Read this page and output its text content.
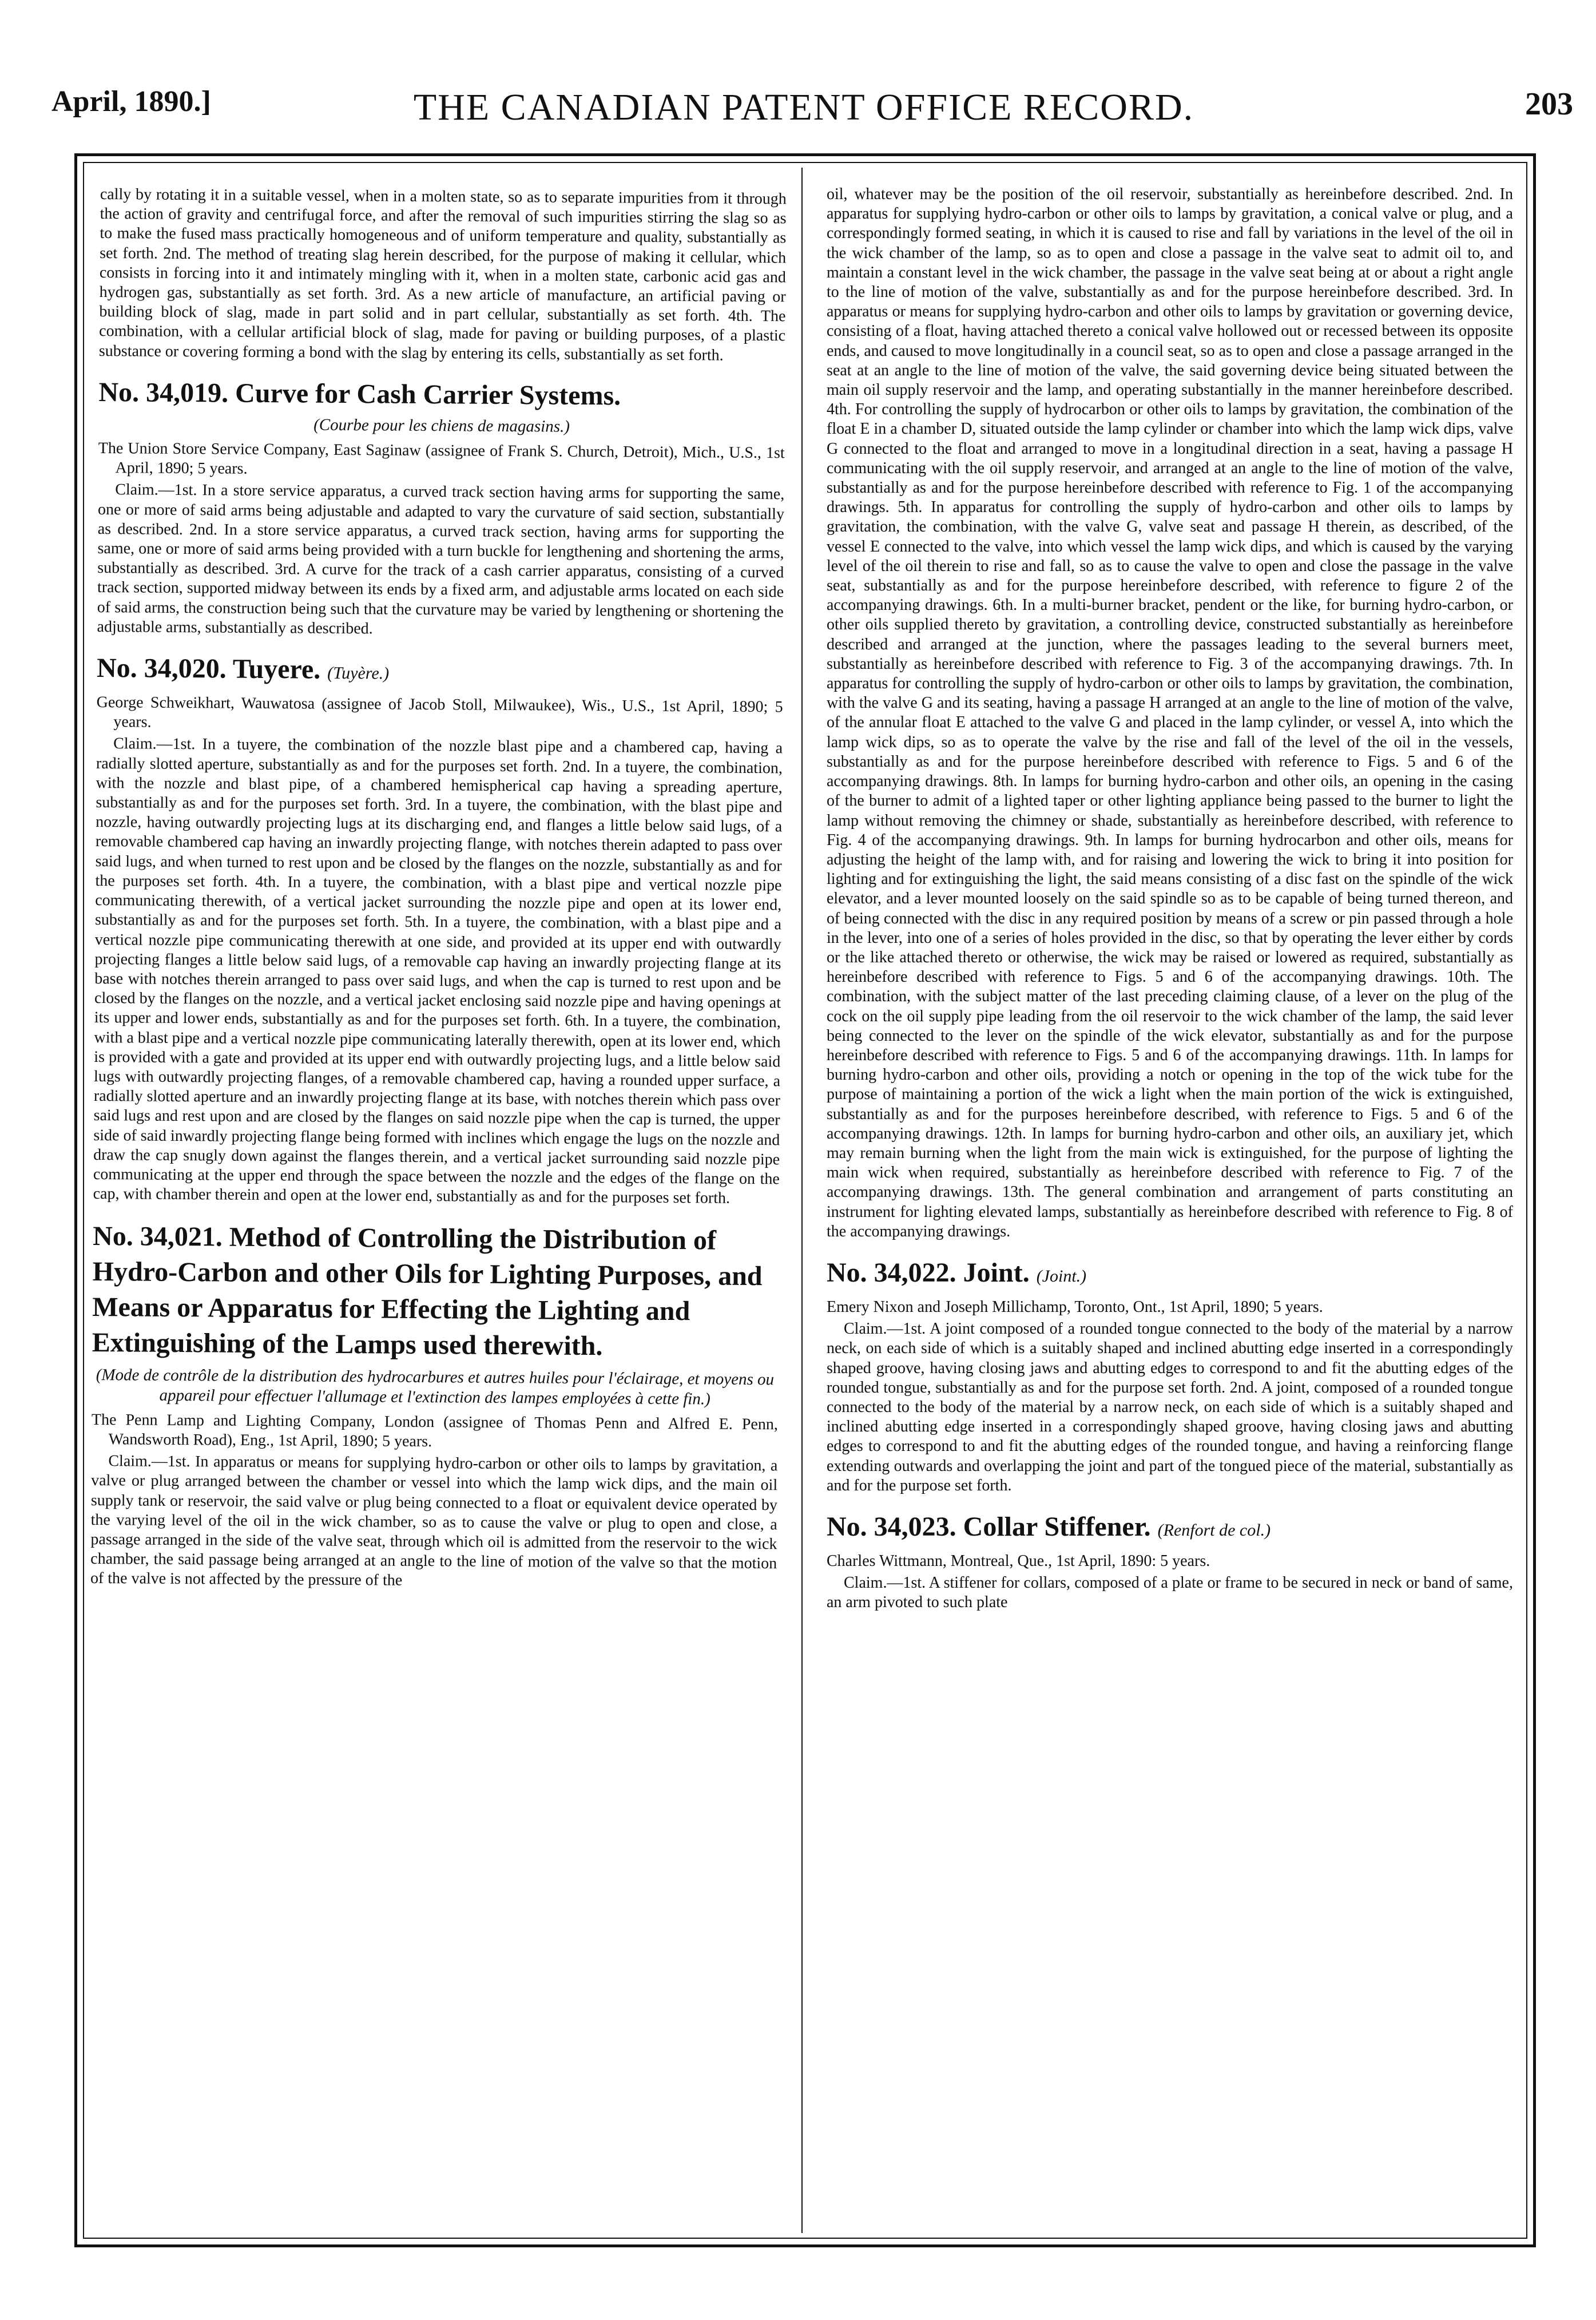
April, 1890.]	THE CANADIAN PATENT OFFICE RECORD.	203

cally by rotating it in a suitable vessel, when in a molten state, so as to separate impurities from it through the action of gravity and centrifugal force, and after the removal of such impurities stirring the slag so as to make the fused mass practically homogeneous and of uniform temperature and quality, substantially as set forth. 2nd. The method of treating slag herein described, for the purpose of making it cellular, which consists in forcing into it and intimately mingling with it, when in a molten state, carbonic acid gas and hydrogen gas, substantially as set forth. 3rd. As a new article of manufacture, an artificial paving or building block of slag, made in part solid and in part cellular, substantially as set forth. 4th. The combination, with a cellular artificial block of slag, made for paving or building purposes, of a plastic substance or covering forming a bond with the slag by entering its cells, substantially as set forth.

No. 34,019. Curve for Cash Carrier Systems.

(Courbe pour les chiens de magasins.)

The Union Store Service Company, East Saginaw (assignee of Frank S. Church, Detroit), Mich., U.S., 1st April, 1890; 5 years.

Claim.—1st. In a store service apparatus, a curved track section having arms for supporting the same, one or more of said arms being adjustable and adapted to vary the curvature of said section, substantially as described. 2nd. In a store service apparatus, a curved track section, having arms for supporting the same, one or more of said arms being provided with a turn buckle for lengthening and shortening the arms, substantially as described. 3rd. A curve for the track of a cash carrier apparatus, consisting of a curved track section, supported midway between its ends by a fixed arm, and adjustable arms located on each side of said arms, the construction being such that the curvature may be varied by lengthening or shortening the adjustable arms, substantially as described.

No. 34,020. Tuyere. (Tuyère.)

George Schweikhart, Wauwatosa (assignee of Jacob Stoll, Milwaukee), Wis., U.S., 1st April, 1890; 5 years.

Claim.—1st. In a tuyere, the combination of the nozzle blast pipe and a chambered cap, having a radially slotted aperture, substantially as and for the purposes set forth. 2nd. In a tuyere, the combination, with the nozzle and blast pipe, of a chambered hemispherical cap having a spreading aperture, substantially as and for the purposes set forth. 3rd. In a tuyere, the combination, with the blast pipe and nozzle, having outwardly projecting lugs at its discharging end, and flanges a little below said lugs, of a removable chambered cap having an inwardly projecting flange, with notches therein adapted to pass over said lugs, and when turned to rest upon and be closed by the flanges on the nozzle, substantially as and for the purposes set forth. 4th. In a tuyere, the combination, with a blast pipe and vertical nozzle pipe communicating therewith, of a vertical jacket surrounding the nozzle pipe and open at its lower end, substantially as and for the purposes set forth. 5th. In a tuyere, the combination, with a blast pipe and a vertical nozzle pipe communicating therewith at one side, and provided at its upper end with outwardly projecting flanges a little below said lugs, of a removable cap having an inwardly projecting flange at its base with notches therein arranged to pass over said lugs, and when the cap is turned to rest upon and be closed by the flanges on the nozzle, and a vertical jacket enclosing said nozzle pipe and having openings at its upper and lower ends, substantially as and for the purposes set forth. 6th. In a tuyere, the combination, with a blast pipe and a vertical nozzle pipe communicating laterally therewith, open at its lower end, which is provided with a gate and provided at its upper end with outwardly projecting lugs, and a little below said lugs with outwardly projecting flanges, of a removable chambered cap, having a rounded upper surface, a radially slotted aperture and an inwardly projecting flange at its base, with notches therein which pass over said lugs and rest upon and are closed by the flanges on said nozzle pipe when the cap is turned, the upper side of said inwardly projecting flange being formed with inclines which engage the lugs on the nozzle and draw the cap snugly down against the flanges therein, and a vertical jacket surrounding said nozzle pipe communicating at the upper end through the space between the nozzle and the edges of the flange on the cap, with chamber therein and open at the lower end, substantially as and for the purposes set forth.

No. 34,021. Method of Controlling the Distribution of Hydro-Carbon and other Oils for Lighting Purposes, and Means or Apparatus for Effecting the Lighting and Extinguishing of the Lamps used therewith.

(Mode de contrôle de la distribution des hydrocarbures et autres huiles pour l'éclairage, et moyens ou appareil pour effectuer l'allumage et l'extinction des lampes employées à cette fin.)

The Penn Lamp and Lighting Company, London (assignee of Thomas Penn and Alfred E. Penn, Wandsworth Road), Eng., 1st April, 1890; 5 years.

Claim.—1st. In apparatus or means for supplying hydro-carbon or other oils to lamps by gravitation, a valve or plug arranged between the chamber or vessel into which the lamp wick dips, and the main oil supply tank or reservoir, the said valve or plug being connected to a float or equivalent device operated by the varying level of the oil in the wick chamber, so as to cause the valve or plug to open and close, a passage arranged in the side of the valve seat, through which oil is admitted from the reservoir to the wick chamber, the said passage being arranged at an angle to the line of motion of the valve so that the motion of the valve is not affected by the pressure of the

oil, whatever may be the position of the oil reservoir, substantially as hereinbefore described. 2nd. In apparatus for supplying hydro-carbon or other oils to lamps by gravitation, a conical valve or plug, and a correspondingly formed seating, in which it is caused to rise and fall by variations in the level of the oil in the wick chamber of the lamp, so as to open and close a passage in the valve seat to admit oil to, and maintain a constant level in the wick chamber, the passage in the valve seat being at or about a right angle to the line of motion of the valve, substantially as and for the purpose hereinbefore described. 3rd. In apparatus or means for supplying hydro-carbon and other oils to lamps by gravitation or governing device, consisting of a float, having attached thereto a conical valve hollowed out or recessed between its opposite ends, and caused to move longitudinally in a council seat, so as to open and close a passage arranged in the seat at an angle to the line of motion of the valve, the said governing device being situated between the main oil supply reservoir and the lamp, and operating substantially in the manner hereinbefore described. 4th. For controlling the supply of hydrocarbon or other oils to lamps by gravitation, the combination of the float E in a chamber D, situated outside the lamp cylinder or chamber into which the lamp wick dips, valve G connected to the float and arranged to move in a longitudinal direction in a seat, having a passage H communicating with the oil supply reservoir, and arranged at an angle to the line of motion of the valve, substantially as and for the purpose hereinbefore described with reference to Fig. 1 of the accompanying drawings. 5th. In apparatus for controlling the supply of hydro-carbon and other oils to lamps by gravitation, the combination, with the valve G, valve seat and passage H therein, as described, of the vessel E connected to the valve, into which vessel the lamp wick dips, and which is caused by the varying level of the oil therein to rise and fall, so as to cause the valve to open and close the passage in the valve seat, substantially as and for the purpose hereinbefore described, with reference to figure 2 of the accompanying drawings. 6th. In a multi-burner bracket, pendent or the like, for burning hydro-carbon, or other oils supplied thereto by gravitation, a controlling device, constructed substantially as hereinbefore described and arranged at the junction, where the passages leading to the several burners meet, substantially as hereinbefore described with reference to Fig. 3 of the accompanying drawings. 7th. In apparatus for controlling the supply of hydro-carbon or other oils to lamps by gravitation, the combination, with the valve G and its seating, having a passage H arranged at an angle to the line of motion of the valve, of the annular float E attached to the valve G and placed in the lamp cylinder, or vessel A, into which the lamp wick dips, so as to operate the valve by the rise and fall of the level of the oil in the vessels, substantially as and for the purpose hereinbefore described with reference to Figs. 5 and 6 of the accompanying drawings. 8th. In lamps for burning hydro-carbon and other oils, an opening in the casing of the burner to admit of a lighted taper or other lighting appliance being passed to the burner to light the lamp without removing the chimney or shade, substantially as hereinbefore described, with reference to Fig. 4 of the accompanying drawings. 9th. In lamps for burning hydrocarbon and other oils, means for adjusting the height of the lamp with, and for raising and lowering the wick to bring it into position for lighting and for extinguishing the light, the said means consisting of a disc fast on the spindle of the wick elevator, and a lever mounted loosely on the said spindle so as to be capable of being turned thereon, and of being connected with the disc in any required position by means of a screw or pin passed through a hole in the lever, into one of a series of holes provided in the disc, so that by operating the lever either by cords or the like attached thereto or otherwise, the wick may be raised or lowered as required, substantially as hereinbefore described with reference to Figs. 5 and 6 of the accompanying drawings. 10th. The combination, with the subject matter of the last preceding claiming clause, of a lever on the plug of the cock on the oil supply pipe leading from the oil reservoir to the wick chamber of the lamp, the said lever being connected to the lever on the spindle of the wick elevator, substantially as and for the purpose hereinbefore described with reference to Figs. 5 and 6 of the accompanying drawings. 11th. In lamps for burning hydro-carbon and other oils, providing a notch or opening in the top of the wick tube for the purpose of maintaining a portion of the wick a light when the main portion of the wick is extinguished, substantially as and for the purposes hereinbefore described, with reference to Figs. 5 and 6 of the accompanying drawings. 12th. In lamps for burning hydro-carbon and other oils, an auxiliary jet, which may remain burning when the light from the main wick is extinguished, for the purpose of lighting the main wick when required, substantially as hereinbefore described with reference to Fig. 7 of the accompanying drawings. 13th. The general combination and arrangement of parts constituting an instrument for lighting elevated lamps, substantially as hereinbefore described with reference to Fig. 8 of the accompanying drawings.

No. 34,022. Joint. (Joint.)

Emery Nixon and Joseph Millichamp, Toronto, Ont., 1st April, 1890; 5 years.

Claim.—1st. A joint composed of a rounded tongue connected to the body of the material by a narrow neck, on each side of which is a suitably shaped and inclined abutting edge inserted in a correspondingly shaped groove, having closing jaws and abutting edges to correspond to and fit the abutting edges of the rounded tongue, substantially as and for the purpose set forth. 2nd. A joint, composed of a rounded tongue connected to the body of the material by a narrow neck, on each side of which is a suitably shaped and inclined abutting edge inserted in a correspondingly shaped groove, having closing jaws and abutting edges to correspond to and fit the abutting edges of the rounded tongue, and having a reinforcing flange extending outwards and overlapping the joint and part of the tongued piece of the material, substantially as and for the purpose set forth.

No. 34,023. Collar Stiffener. (Renfort de col.)

Charles Wittmann, Montreal, Que., 1st April, 1890: 5 years.

Claim.—1st. A stiffener for collars, composed of a plate or frame to be secured in neck or band of same, an arm pivoted to such plate
